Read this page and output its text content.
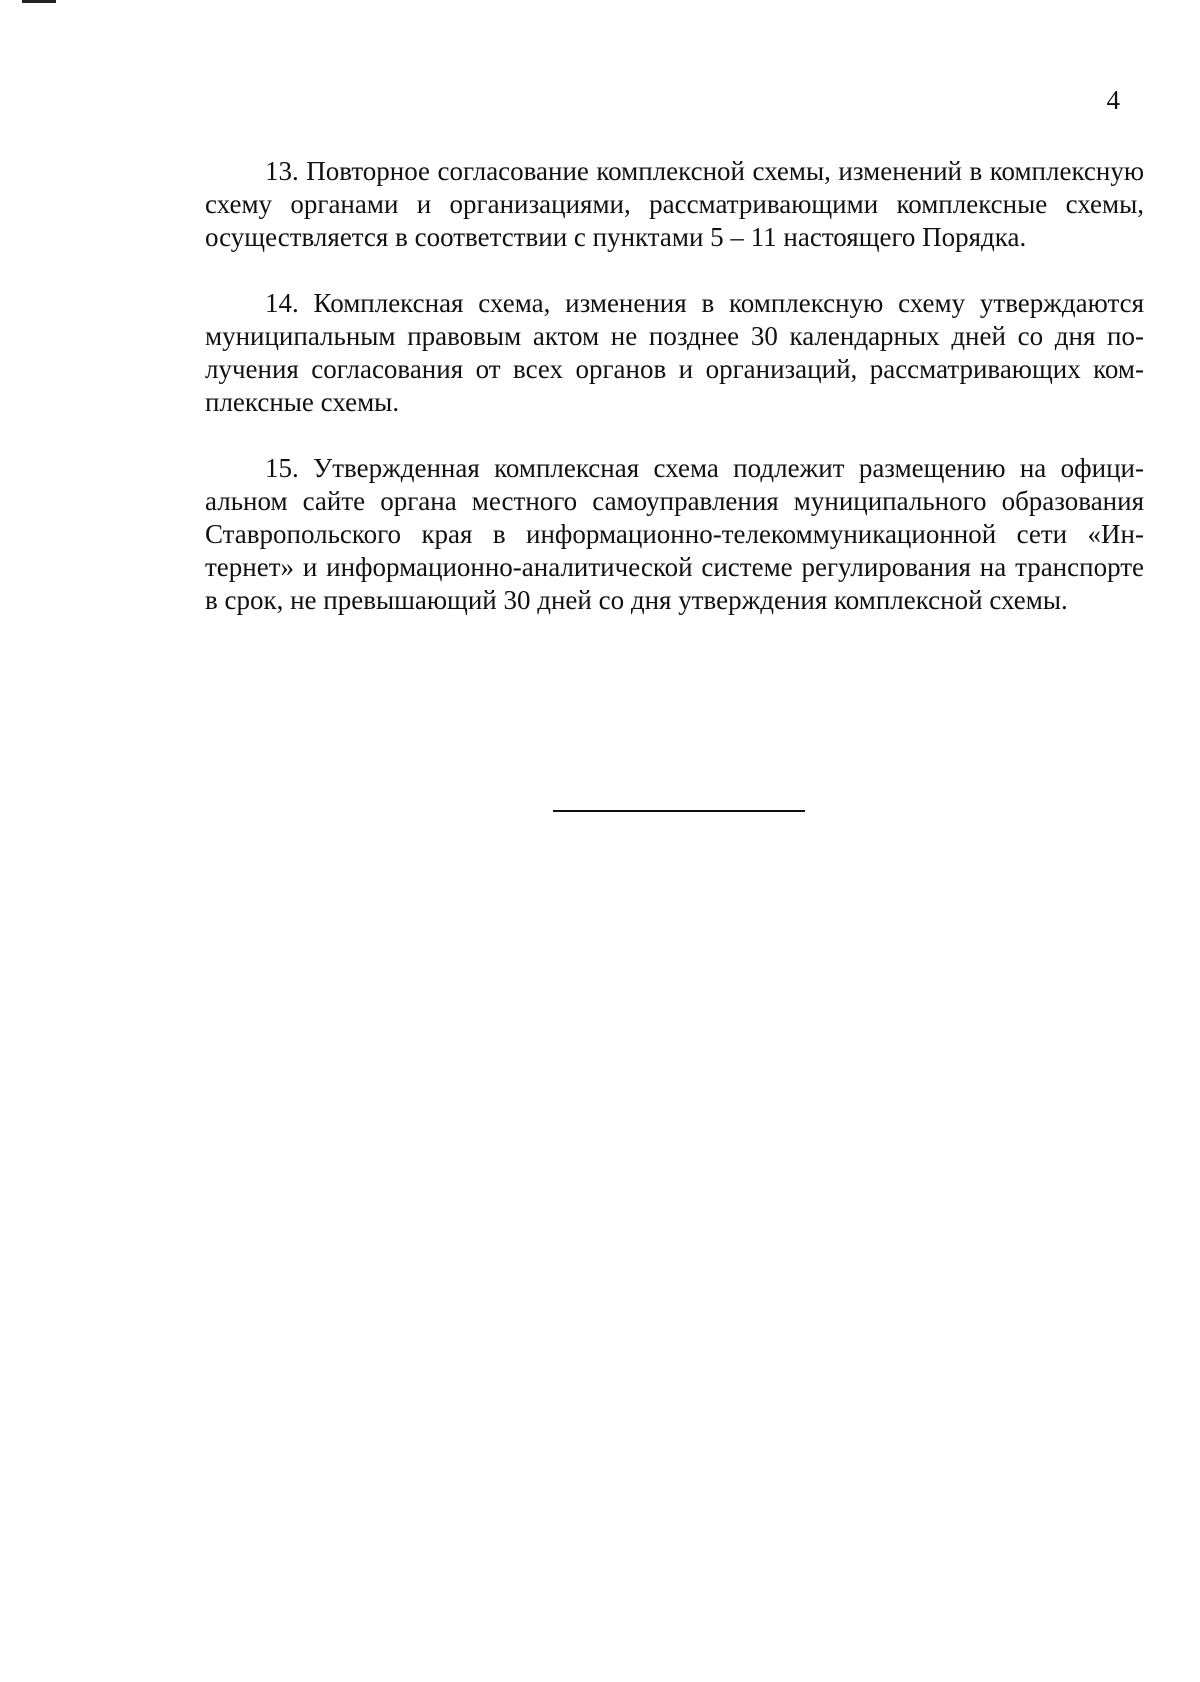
4

13. Повторное согласование комплексной схемы, изменений в комплексную схему органами и организациями, рассматривающими комплексные схемы, осуществляется в соответствии с пунктами 5 – 11 настоящего Порядка.

14. Комплексная схема, изменения в комплексную схему утверждаются муниципальным правовым актом не позднее 30 календарных дней со дня получения согласования от всех органов и организаций, рассматривающих комплексные схемы.

15. Утвержденная комплексная схема подлежит размещению на официальном сайте органа местного самоуправления муниципального образования Ставропольского края в информационно-телекоммуникационной сети «Интернет» и информационно-аналитической системе регулирования на транспорте в срок, не превышающий 30 дней со дня утверждения комплексной схемы.
